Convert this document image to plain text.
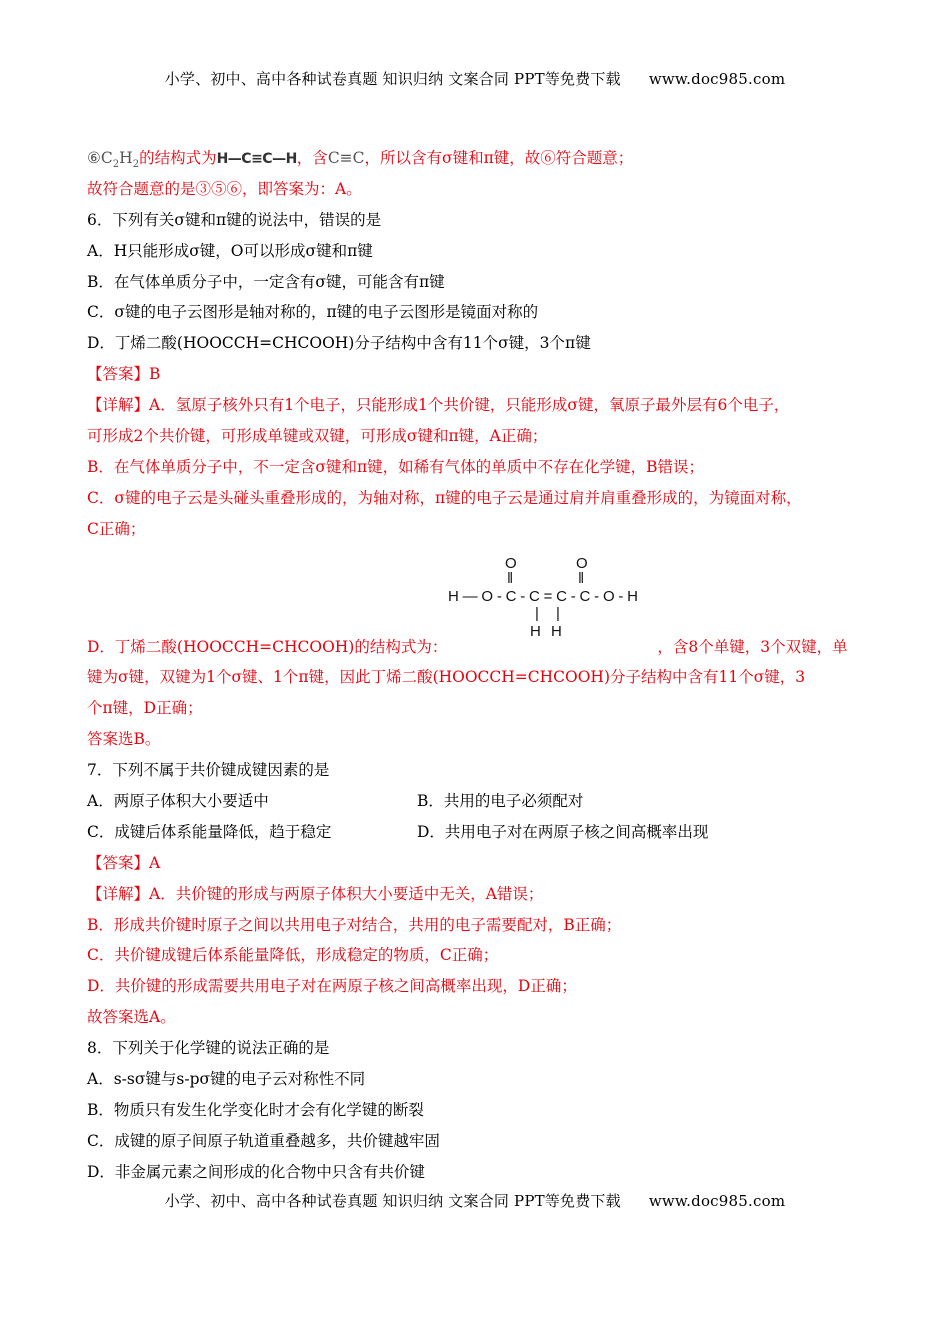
小学、初中、高中各种试卷真题 知识归纳 文案合同 PPT等免费下载 www.doc985.com
$⑥C_2H_2$的结构式为H—C≡C—H，含C≡C，所以含有σ键和π键，故⑥符合题意；
故符合题意的是③⑤⑥，即答案为：A。
6．下列有关σ键和π键的说法中，错误的是
A．H只能形成σ键，O可以形成σ键和π键
B．在气体单质分子中，一定含有σ键，可能含有π键
C．σ键的电子云图形是轴对称的，π键的电子云图形是镜面对称的
D．丁烯二酸(HOOCCH=CHCOOH)分子结构中含有11个σ键，3个π键
【答案】B
【详解】A．氢原子核外只有1个电子，只能形成1个共价键，只能形成σ键，氧原子最外层有6个电子，
可形成2个共价键，可形成单键或双键，可形成σ键和π键，A正确；
B．在气体单质分子中，不一定含σ键和π键，如稀有气体的单质中不存在化学键，B错误；
C．σ键的电子云是头碰头重叠形成的，为轴对称，π键的电子云是通过肩并肩重叠形成的，为镜面对称，
C正确；
D．丁烯二酸(HOOCCH=CHCOOH)的结构式为：	，含8个单键，3个双键，单
键为σ键，双键为1个σ键、1个π键，因此丁烯二酸(HOOCCH=CHCOOH)分子结构中含有11个σ键，3
个π键，D正确；
答案选B。
7．下列不属于共价键成键因素的是
A．两原子体积大小要适中	B．共用的电子必须配对
C．成键后体系能量降低，趋于稳定	D．共用电子对在两原子核之间高概率出现
【答案】A
【详解】A．共价键的形成与两原子体积大小要适中无关，A错误；
B．形成共价键时原子之间以共用电子对结合，共用的电子需要配对，B正确；
C．共价键成键后体系能量降低，形成稳定的物质，C正确；
D．共价键的形成需要共用电子对在两原子核之间高概率出现，D正确；
故答案选A。
8．下列关于化学键的说法正确的是
A．s-sσ键与s-pσ键的电子云对称性不同
B．物质只有发生化学变化时才会有化学键的断裂
C．成键的原子间原子轨道重叠越多，共价键越牢固
D．非金属元素之间形成的化合物中只含有共价键
O	O
‖	‖
H—O-C-C=C-C-O-H
| |
H H
小学、初中、高中各种试卷真题 知识归纳 文案合同 PPT等免费下载 www.doc985.com
